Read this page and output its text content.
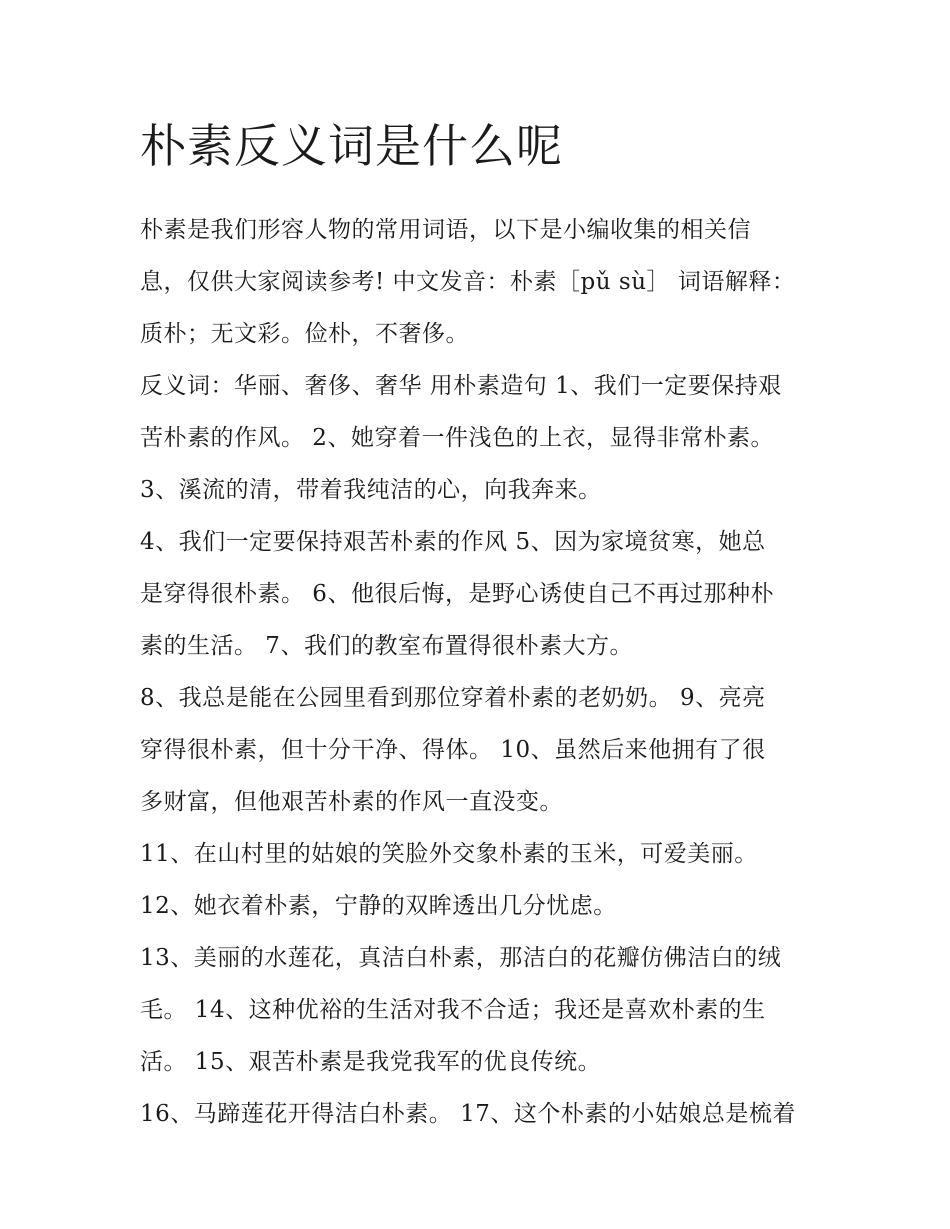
朴素反义词是什么呢
朴素是我们形容人物的常用词语，以下是小编收集的相关信
息，仅供大家阅读参考! 中文发音：朴素［pǔ sù］ 词语解释：
质朴；无文彩。俭朴，不奢侈。
反义词：华丽、奢侈、奢华 用朴素造句 1、我们一定要保持艰
苦朴素的作风。 2、她穿着一件浅色的上衣，显得非常朴素。
3、溪流的清，带着我纯洁的心，向我奔来。
4、我们一定要保持艰苦朴素的作风 5、因为家境贫寒，她总
是穿得很朴素。 6、他很后悔，是野心诱使自己不再过那种朴
素的生活。 7、我们的教室布置得很朴素大方。
8、我总是能在公园里看到那位穿着朴素的老奶奶。 9、亮亮
穿得很朴素，但十分干净、得体。 10、虽然后来他拥有了很
多财富，但他艰苦朴素的作风一直没变。
11、在山村里的姑娘的笑脸外交象朴素的玉米，可爱美丽。
12、她衣着朴素，宁静的双眸透出几分忧虑。
13、美丽的水莲花，真洁白朴素，那洁白的花瓣仿佛洁白的绒
毛。 14、这种优裕的生活对我不合适；我还是喜欢朴素的生
活。 15、艰苦朴素是我党我军的优良传统。
16、马蹄莲花开得洁白朴素。 17、这个朴素的小姑娘总是梳着
